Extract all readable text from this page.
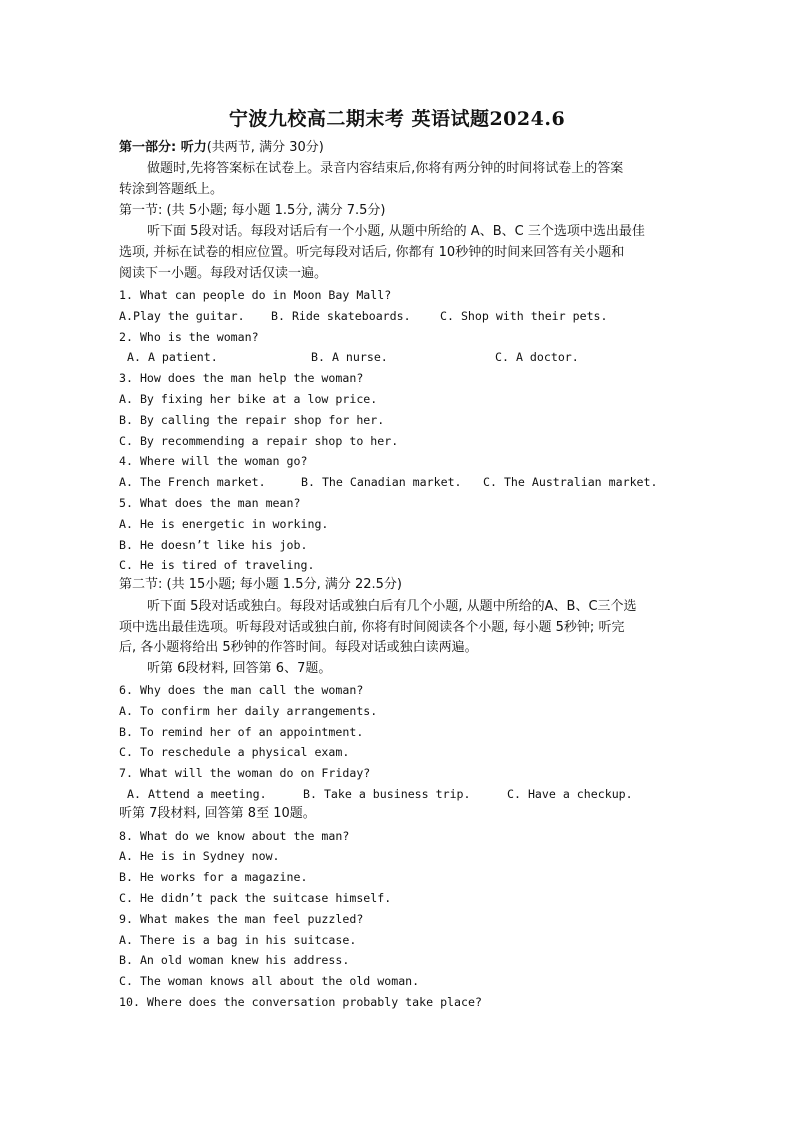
宁波九校高二期末考 英语试题2024.6
第一部分: 听力(共两节, 满分 30分)
做题时,先将答案标在试卷上。录音内容结束后,你将有两分钟的时间将试卷上的答案
转涂到答题纸上。
第一节: (共 5小题; 每小题 1.5分, 满分 7.5分)
听下面 5段对话。每段对话后有一个小题, 从题中所给的 A、B、C 三个选项中选出最佳
选项, 并标在试卷的相应位置。听完每段对话后, 你都有 10秒钟的时间来回答有关小题和
阅读下一小题。每段对话仅读一遍。
1. What can people do in Moon Bay Mall?
A.Play the guitar.	B. Ride skateboards.	C. Shop with their pets.
2. Who is the woman?
A. A patient.	B. A nurse.	C. A doctor.
3. How does the man help the woman?
A. By fixing her bike at a low price.
B. By calling the repair shop for her.
C. By recommending a repair shop to her.
4. Where will the woman go?
A. The French market.	B. The Canadian market.	C. The Australian market.
5. What does the man mean?
A. He is energetic in working.
B. He doesn’t like his job.
C. He is tired of traveling.
第二节: (共 15小题; 每小题 1.5分, 满分 22.5分)
听下面 5段对话或独白。每段对话或独白后有几个小题, 从题中所给的A、B、C三个选
项中选出最佳选项。听每段对话或独白前, 你将有时间阅读各个小题, 每小题 5秒钟; 听完
后, 各小题将给出 5秒钟的作答时间。每段对话或独白读两遍。
听第 6段材料, 回答第 6、7题。
6. Why does the man call the woman?
A. To confirm her daily arrangements.
B. To remind her of an appointment.
C. To reschedule a physical exam.
7. What will the woman do on Friday?
A. Attend a meeting.	B. Take a business trip.	C. Have a checkup.
听第 7段材料, 回答第 8至 10题。
8. What do we know about the man?
A. He is in Sydney now.
B. He works for a magazine.
C. He didn’t pack the suitcase himself.
9. What makes the man feel puzzled?
A. There is a bag in his suitcase.
B. An old woman knew his address.
C. The woman knows all about the old woman.
10. Where does the conversation probably take place?
